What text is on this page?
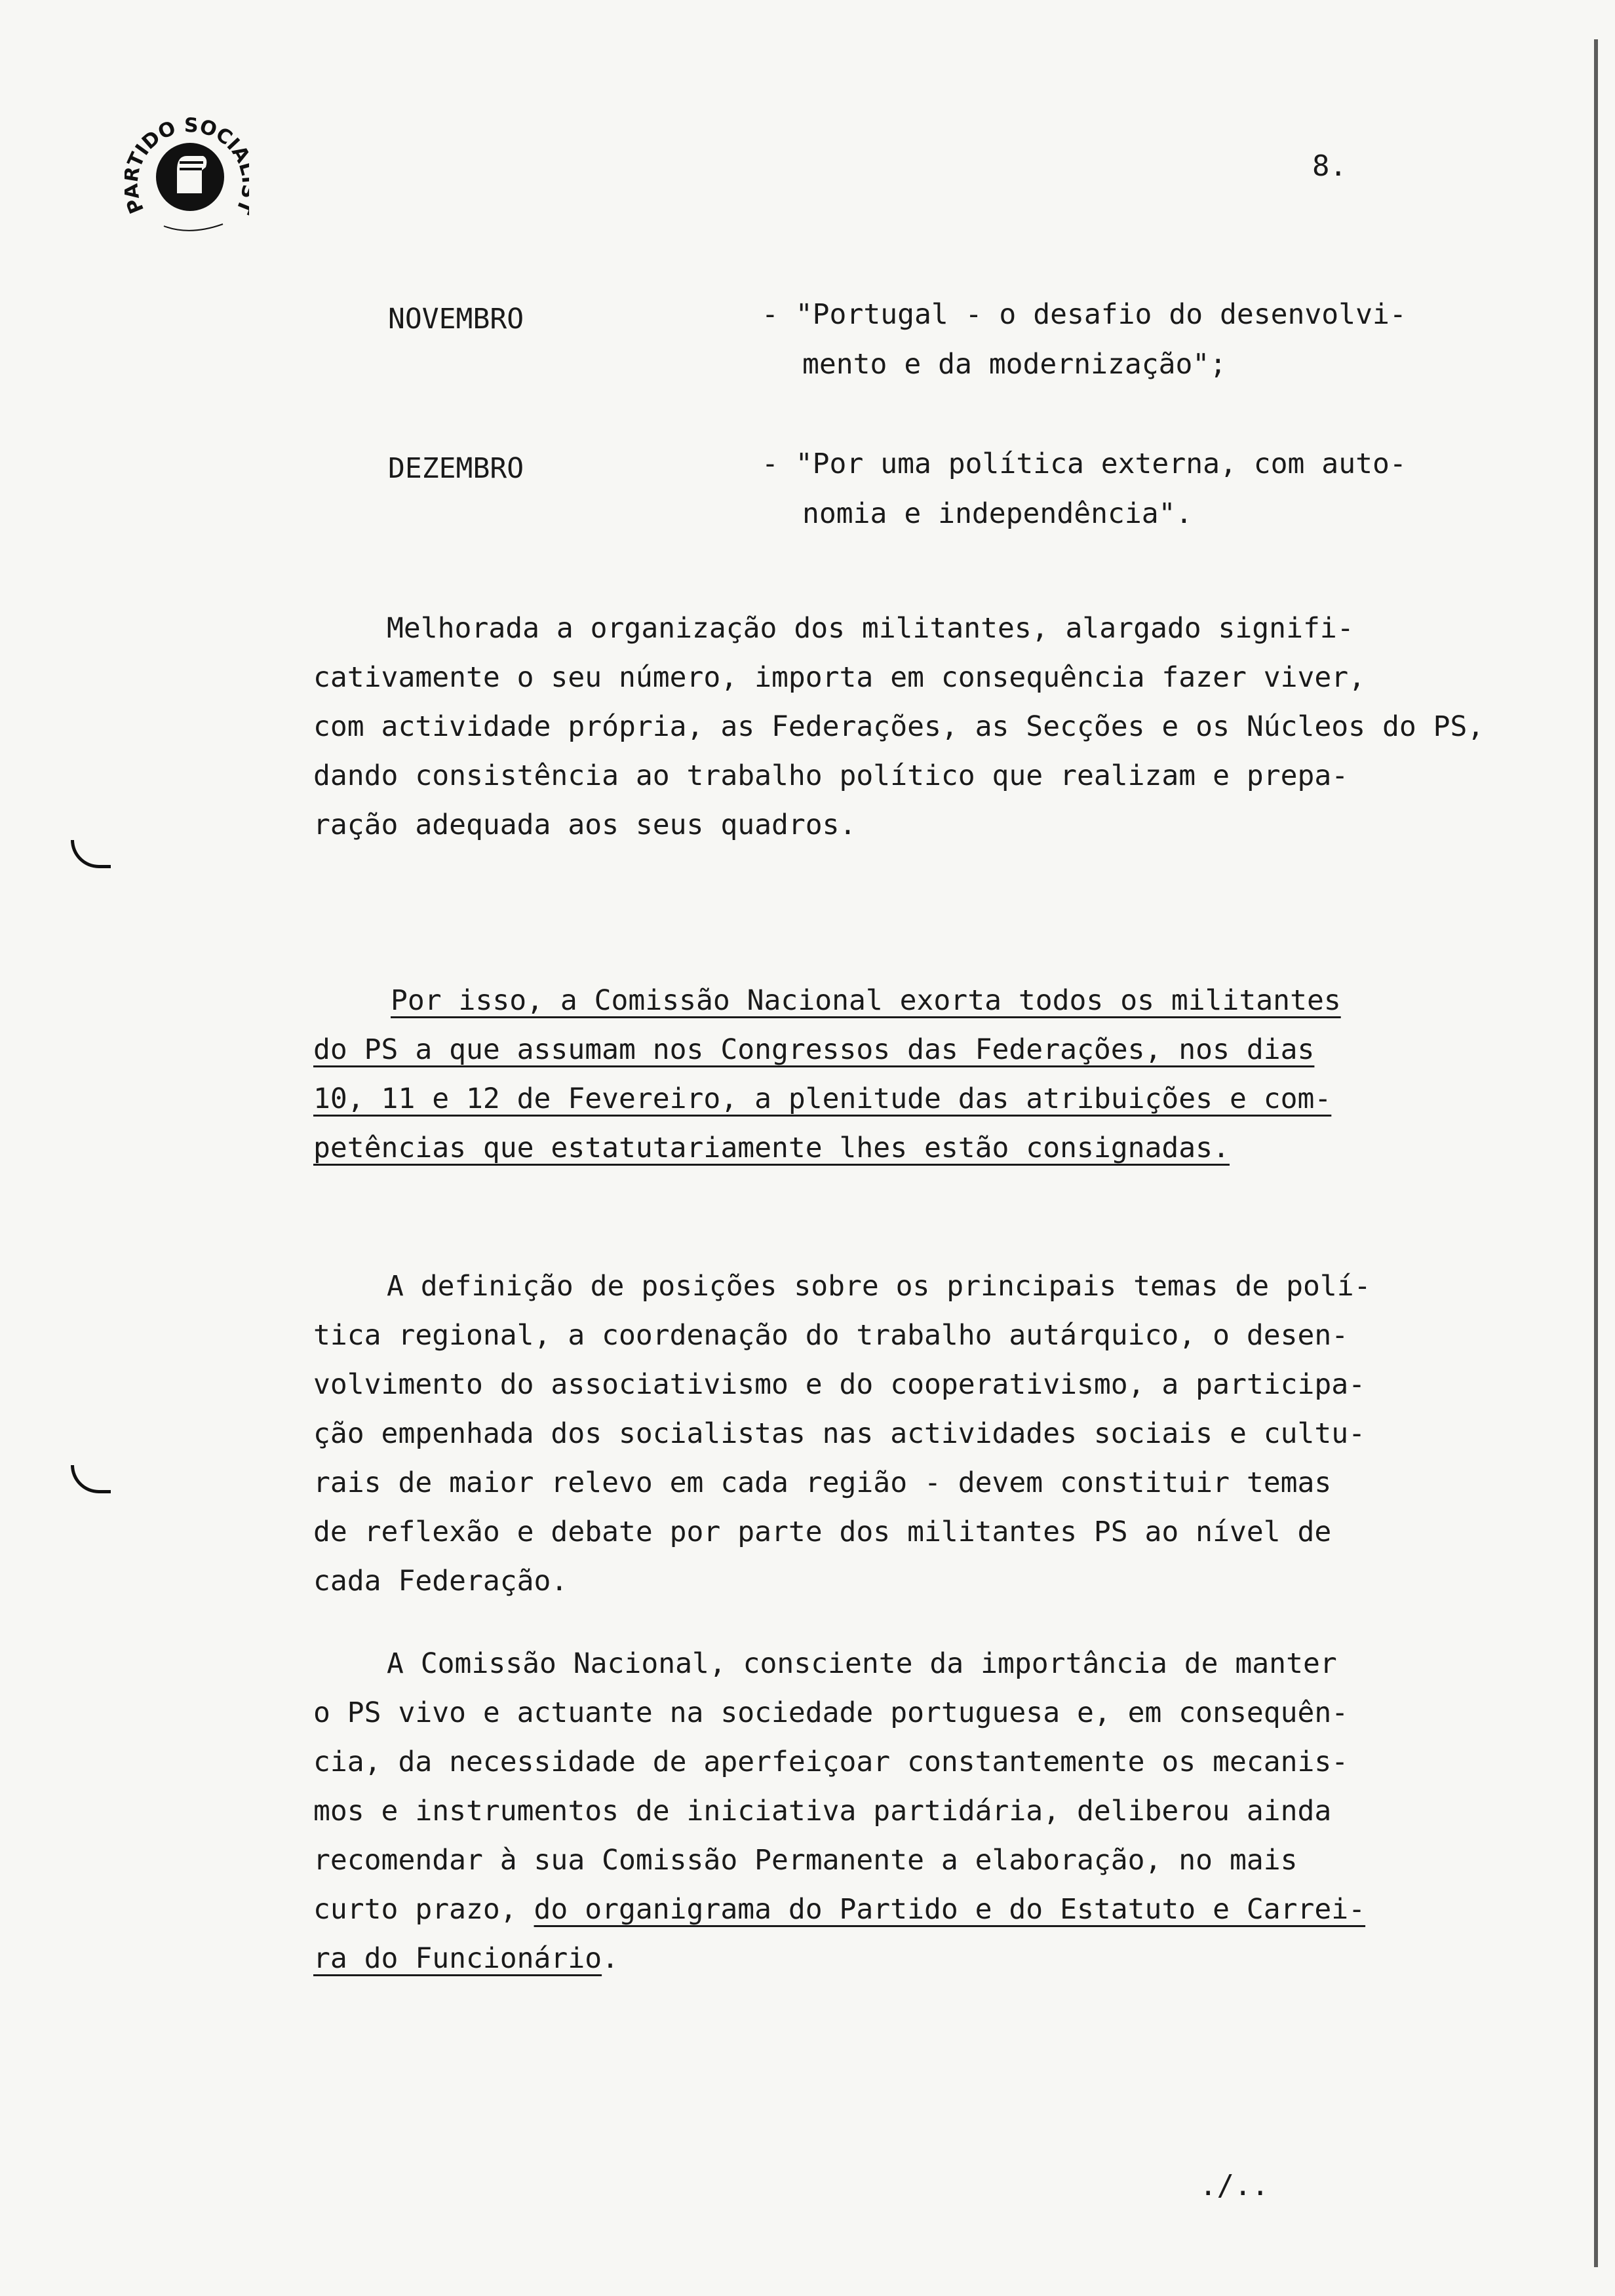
P TIDO SOCI
8.
NOVEMBRO	- "Portugal - o desafio do desenvolvi-
mento e da modernização";
DEZEMBRO	- "Por uma política externa, com auto-
nomia e independência".
Melhorada a organização dos militantes, alargado signifi-
cativamente o seu número, importa em consequência fazer viver,
com actividade própria, as Federações, as Secções e os Núcleos do PS,
dando consistência ao trabalho político que realizam e prepa-
ração adequada aos seus quadros.
Por isso, a Comissão Nacional exorta todos os militantes
do PS a que assumam nos Congressos das Federações, nos dias
10, 11 e 12 de Fevereiro, a plenitude das atribuições e com-
petências que estatutariamente lhes estão consignadas.
A definição de posições sobre os principais temas de polí-
tica regional, a coordenação do trabalho autárquico, o desen-
volvimento do associativismo e do cooperativismo, a participa-
ção empenhada dos socialistas nas actividades sociais e cultu-
rais de maior relevo em cada região - devem constituir temas
de reflexão e debate por parte dos militantes PS ao nível de
cada Federação.
A Comissão Nacional, consciente da importância de manter
o PS vivo e actuante na sociedade portuguesa e, em consequên-
cia, da necessidade de aperfeiçoar constantemente os mecanis-
mos e instrumentos de iniciativa partidária, deliberou ainda
recomendar à sua Comissão Permanente a elaboração, no mais
curto prazo, do organigrama do Partido e do Estatuto e Carrei-
ra do Funcionário.
./..
